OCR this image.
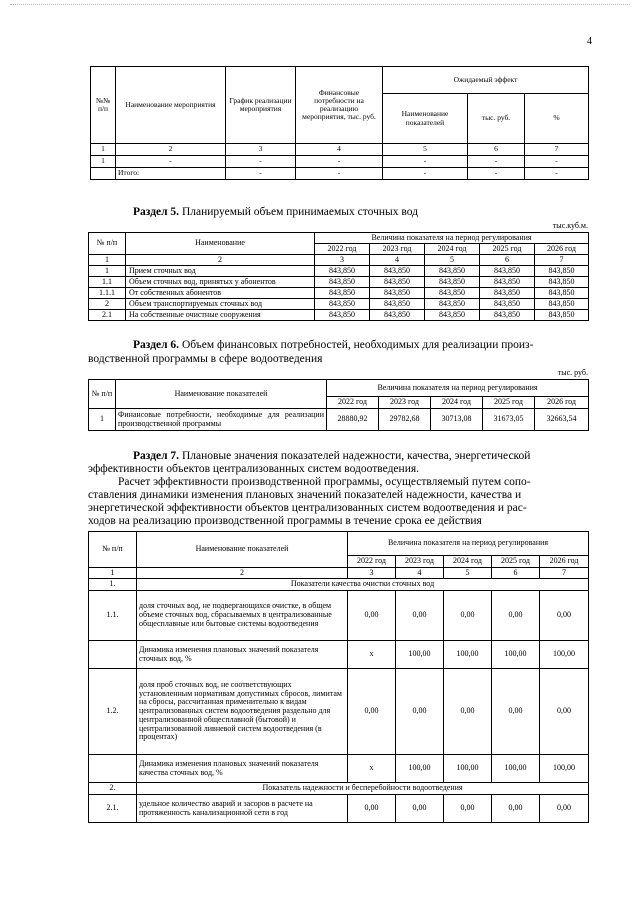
4
№№ п/п	Наименование мероприятия	График реализации мероприятия	Финансовые потребности на реализацию мероприятия, тыс. руб.	Ожидаемый эффект		
				Наименование показателей	тыс. руб.	%
1	2	3	4	5	6	7
1	-	-	-	-	-	-
	Итого:	-	-	-	-	-
Раздел 5. Планируемый объем принимаемых сточных вод
тыс.куб.м.
№ п/п	Наименование	Величина показателя на период регулирования				
		2022 год	2023 год	2024 год	2025 год	2026 год
1	2	3	4	5	6	7
1	Прием сточных вод	843,850	843,850	843,850	843,850	843,850
1.1	Объем сточных вод, принятых у абонентов	843,850	843,850	843,850	843,850	843,850
1.1.1	От собственных абонентов	843,850	843,850	843,850	843,850	843,850
2	Объем транспортируемых сточных вод	843,850	843,850	843,850	843,850	843,850
2.1	На собственные очистные сооружения	843,850	843,850	843,850	843,850	843,850
Раздел 6. Объем финансовых потребностей, необходимых для реализации произ-
водственной программы в сфере водоотведения
тыс. руб.
№ п/п	Наименование показателей	Величина показателя на период регулирования				
		2022 год	2023 год	2024 год	2025 год	2026 год
1	Финансовые потребности, необходимые для реализации производственной программы	28880,92	29782,68	30713,08	31673,05	32663,54
Раздел 7. Плановые значения показателей надежности, качества, энергетической
эффективности объектов централизованных систем водоотведения.

Расчет эффективности производственной программы, осуществляемый путем сопо-

ставления динамики изменения плановых значений показателей надежности, качества и

энергетической эффективности объектов централизованных систем водоотведения и рас-

ходов на реализацию производственной программы в течение срока ее действия

№ п/п	Наименование показателей	Величина показателя на период регулирования				
		2022 год	2023 год	2024 год	2025 год	2026 год
1	2	3	4	5	6	7
1.	Показатели качества очистки сточных вод					
1.1.	доля сточных вод, не подвергающихся очистке, в общем объеме сточных вод, сбрасываемых в централизованные общесплавные или бытовые системы водоотведения	0,00	0,00	0,00	0,00	0,00
	Динамика изменения плановых значений показателя сточных вод, %	х	100,00	100,00	100,00	100,00
1.2.	доля проб сточных вод, не соответствующих установленным нормативам допустимых сбросов, лимитам на сбросы, рассчитанная применительно к видам централизованных систем водоотведения раздельно для централизованной общесплавной (бытовой) и централизованной ливневой систем водоотведения (в процентах)	0,00	0,00	0,00	0,00	0,00
	Динамика изменения плановых значений показателя качества сточных вод, %	х	100,00	100,00	100,00	100,00
2.	Показатель надежности и бесперебойности водоотведения					
2.1.	удельное количество аварий и засоров в расчете на протяженность канализационной сети в год	0,00	0,00	0,00	0,00	0,00
